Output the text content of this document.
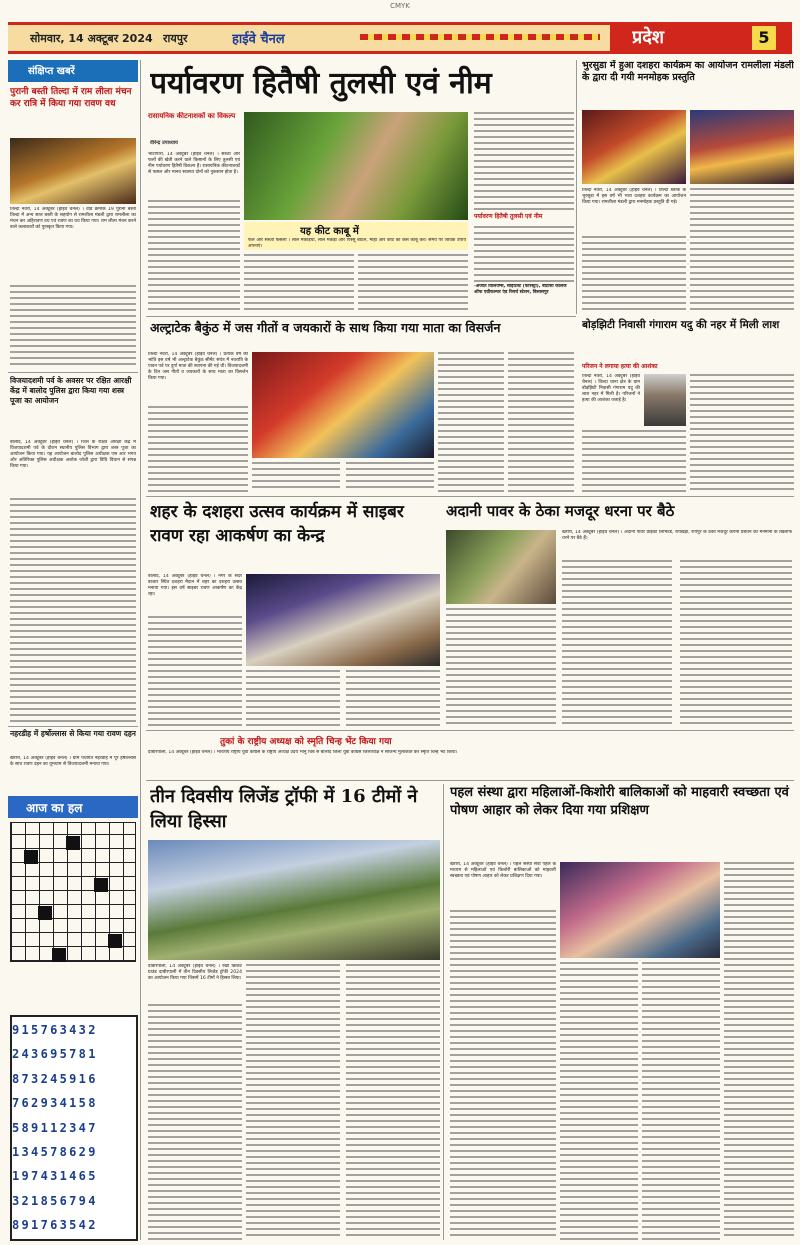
CMYK
सोमवार, 14 अक्टूबर 2024 रायपुर	हाईवे चैनल	प्रदेश	5
संक्षिप्त खबरें
पुरानी बस्ती तिल्दा में राम लीला मंचन कर रात्रि में किया गया रावण वध
तिल्दा नेवरा, 14 अक्टूबर (हाईवे चैनल) । वार्ड क्रमांक 19 पुरानी बस्ती तिल्दा में अन्य साल बस्ती के सहयोग से रामलीला मंडली द्वारा रामलीला का मंचन कर अहिरावण वध एवं रावण का वध किया गया। राम लीला मंचन करने वाले कलाकारों को पुरस्कृत किया गया।
विजयादशमी पर्व के अवसर पर रक्षित आरक्षी केंद्र में बालोद पुलिस द्वारा किया गया शस्त्र पूजा का आयोजन
बालोद, 14 अक्टूबर (हाईवे चैनल) । जिले के रक्षित आरक्षी केंद्र में विजयादशमी पर्व के दौरान स्थानीय पुलिस विभाग द्वारा शस्त्र पूजा का आयोजन किया गया। यह आयोजन बालोद पुलिस अधीक्षक एस आर भगत और अतिरिक्त पुलिस अधीक्षक अशोक जोशी द्वारा विधि विधान से संपन्न किया गया।
नहरडीह में हर्षोल्लास से किया गया रावण दहन
खरोरा, 14 अक्टूबर (हाईवे चैनल) । ग्राम पंचायत नहरडीह में पूरे हर्षोल्लास के साथ रावण दहन का धूमधाम से विजयादशमी मनाया गया।
आज का हल
915763432
243695781
873245916
762934158
589112347
134578629
197431465
321856794
891763542
पर्यावरण हितैषी तुलसी एवं नीम
रासायनिक कीटनाशकों का विकल्प
वीरेन्द्र उपाध्याय
भाटापारा, 14 अक्टूबर (हाईवे चैनल) । सब्जी और फलों की खेती करने वाले किसानों के लिए तुलसी एवं नीम पर्यावरण हितैषी विकल्प हैं। रासायनिक कीटनाशकों से फसल और मानव स्वास्थ्य दोनों को नुकसान होता है।
यह कीट काबू में
फल और सब्जी फसलों । लाल मकड़ियां, लाल मकड़ी और पिस्सू बीटल, माहो और कोट को कैसे काबू करें। समय पर जैविक उपाय अपनाएं।
पर्यावरण हितैषी तुलसी एवं नीम
-अजीत विलियम्स, साइंटिस्ट (फॉरेस्ट्री), बीटीसी कॉलेज ऑफ एग्रीकल्चर एंड रिसर्च स्टेशन, बिलासपुर
भुरसुडा में हुआ दशहरा कार्यक्रम का आयोजन रामलीला मंडली के द्वारा दी गयी मनमोहक प्रस्तुति
तिल्दा नेवरा, 14 अक्टूबर (हाईवे चैनल) । तिल्दा ब्लॉक के भुरसुडा में इस वर्ष भी भव्य दशहरा कार्यक्रम का आयोजन किया गया। रामलीला मंडली द्वारा मनमोहक प्रस्तुति दी गई।
अल्ट्राटेक बैकुंठ में जस गीतों व जयकारों के साथ किया गया माता का विसर्जन
तिल्दा नेवरा, 14 अक्टूबर (हाईवे चैनल) । प्रत्येक वर्ष की भांति इस वर्ष भी अल्ट्राटेक बैकुंठ सीमेंट संयंत्र में नवरात्रि के पावन पर्व पर दुर्गा माता की स्थापना की गई थी। विजयादशमी के दिन जस गीतों व जयकारों के साथ माता का विसर्जन किया गया।
बोड़झिटी निवासी गंगाराम यदु की नहर में मिली लाश
परिजन ने लगाया हत्या की आशंका
तिल्दा नेवरा, 14 अक्टूबर (हाईवे चैनल) । तिल्दा थाना क्षेत्र के ग्राम बोड़झिटी निवासी गंगाराम यदु की लाश नहर में मिली है। परिजनों ने हत्या की आशंका जताई है।
शहर के दशहरा उत्सव कार्यक्रम में साइबर रावण रहा आकर्षण का केन्द्र
बालोद, 14 अक्टूबर (हाईवे चैनल) । नगर के सदर बाजार स्थित दशहरा मैदान में शहर का दशहरा उत्सव मनाया गया। इस वर्ष साइबर रावण आकर्षण का केंद्र रहा।
अदानी पावर के ठेका मजदूर धरना पर बैठे
खरोरा, 14 अक्टूबर (हाईवे चैनल) । अदानी पावर प्राइवेट लिमिटेड, रायखेड़ा, रायपुर के ठेका मजदूर कंपनी प्रबंधन की मनमानी के खिलाफ धरने पर बैठे हैं।
तुकां के राष्ट्रीय अध्यक्ष को स्मृति चिन्ह भेंट किया गया
दाबीरपाली, 14 अक्टूबर (हाईवे चैनल) । भारतीय राष्ट्रीय युवा कांग्रेस के राष्ट्रीय अध्यक्ष उदय भानु चिब से बालोद जिला युवा कांग्रेस जिलाध्यक्ष ने सौजन्य मुलाकात कर स्मृति चिन्ह भेंट किया।
तीन दिवसीय लिजेंड ट्रॉफी में 16 टीमों ने लिया हिस्सा
दाबीरपाली, 14 अक्टूबर (हाईवे चैनल) । रेखी क्रिकेट ग्राउंड दाबीरपाली में तीन दिवसीय लिजेंड ट्रॉफी 2024 का आयोजन किया गया जिसमें 16 टीमों ने हिस्सा लिया।
पहल संस्था द्वारा महिलाओं-किशोरी बालिकाओं को माहवारी स्वच्छता एवं पोषण आहार को लेकर दिया गया प्रशिक्षण
खरोरा, 14 अक्टूबर (हाईवे चैनल) । पहल संस्था सेवा पहल के माध्यम से महिलाओं एवं किशोरी बालिकाओं को माहवारी स्वच्छता एवं पोषण आहार को लेकर प्रशिक्षण दिया गया।
